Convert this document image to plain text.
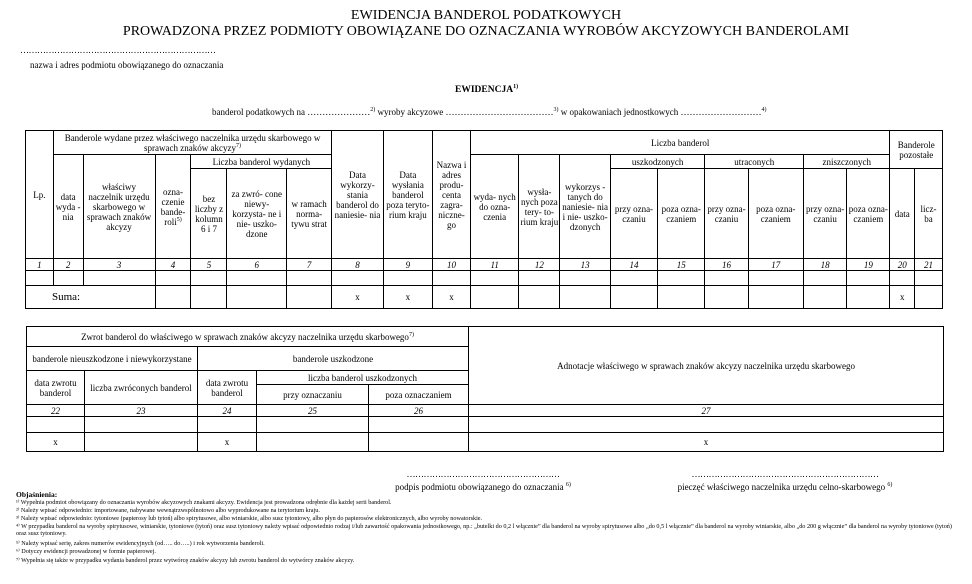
EWIDENCJA BANDEROL PODATKOWYCH
PROWADZONA PRZEZ PODMIOTY OBOWIĄZANE DO OZNACZANIA WYROBÓW AKCYZOWYCH BANDEROLAMI
……………………………………………………………
nazwa i adres podmiotu obowiązanego do oznaczania
EWIDENCJA$^{1)}$
banderol podatkowych na …………………$^{2)}$ wyroby akcyzowe ………………………………$^{3)}$ w opakowaniach jednostkowych ………………………$^{4)}$
Lp.	Banderole wydane przez właściwego naczelnika urzędu skarbowego w sprawach znaków akcyzy$^{7)}$						Data wykorzy- stania banderol do naniesie- nia	Data wysłania banderol poza teryto- rium kraju	Nazwa i adres produ- centa zagra- niczne- go	Liczba banderol									Banderole pozostałe	
	data wyda -nia	właściwy naczelnik urzędu skarbowego w sprawach znaków akcyzy	ozna- czenie bande- roli$^{5)}$	Liczba banderol wydanych						wyda- nych do ozna- czenia	wysła- nych poza tery- to- rium kraju	wykorzys - tanych do naniesie- nia i nie- uszko- dzonych	uszkodzonych		utraconych		zniszczonych			
				bez liczby z kolumn 6 i 7	za zwró- cone niewy- korzysta- ne i nie- uszko- dzone	w ramach norma- tywu strat							przy ozna- czaniu	poza ozna- czaniem	przy ozna- czaniu	poza ozna- czaniem	przy ozna- czaniu	poza ozna- czaniem	data	licz- ba

1	2	3	4	5	6	7	8	9	10	11	12	13	14	15	16	17	18	19	20	21

Suma:							x	x	x										x	
Zwrot banderol do właściwego w sprawach znaków akcyzy naczelnika urzędu skarbowego$^{7)}$					Adnotacje właściwego w sprawach znaków akcyzy naczelnika urzędu skarbowego
banderole nieuszkodzone i niewykorzystane		banderole uszkodzone			
data zwrotu banderol	liczba zwróconych banderol	data zwrotu banderol	liczba banderol uszkodzonych		
			przy oznaczaniu	poza oznaczaniem	
22	23	24	25	26	27

x		x			x
………………………………………………
podpis podmiotu obowiązanego do oznaczania $^{6)}$
…………………………………………………………
pieczęć właściwego naczelnika urzędu celno-skarbowego $^{6)}$
Objaśnienia:
¹⁾ Wypełnia podmiot obowiązany do oznaczania wyrobów akcyzowych znakami akcyzy. Ewidencja jest prowadzona odrębnie dla każdej serii banderol.
²⁾ Należy wpisać odpowiednio: importowane, nabywane wewnątrzwspólnotowo albo wyprodukowane na terytorium kraju.
³⁾ Należy wpisać odpowiednio: tytoniowe (papierosy lub tytoń) albo spirytusowe, albo winiarskie, albo susz tytoniowy, albo płyn do papierosów elektronicznych, albo wyroby nowatorskie.
⁴⁾ W przypadku banderol na wyroby spirytusowe, winiarskie, tytoniowe (tytoń) oraz susz tytoniowy należy wpisać odpowiednio rodzaj i/lub zawartość opakowania jednostkowego, np.: „butelki do 0,2 l włącznie” dla banderol na wyroby spirytusowe albo „do 0,5 l włącznie” dla banderol na wyroby winiarskie, albo „do 200 g włącznie” dla banderol na wyroby tytoniowe (tytoń) oraz susz tytoniowy.
⁵⁾ Należy wpisać serię, zakres numerów ewidencyjnych (od….. do…..) i rok wytworzenia banderoli.
⁶⁾ Dotyczy ewidencji prowadzonej w formie papierowej.
⁷⁾ Wypełnia się także w przypadku wydania banderol przez wytwórcę znaków akcyzy lub zwrotu banderol do wytwórcy znaków akcyzy.
